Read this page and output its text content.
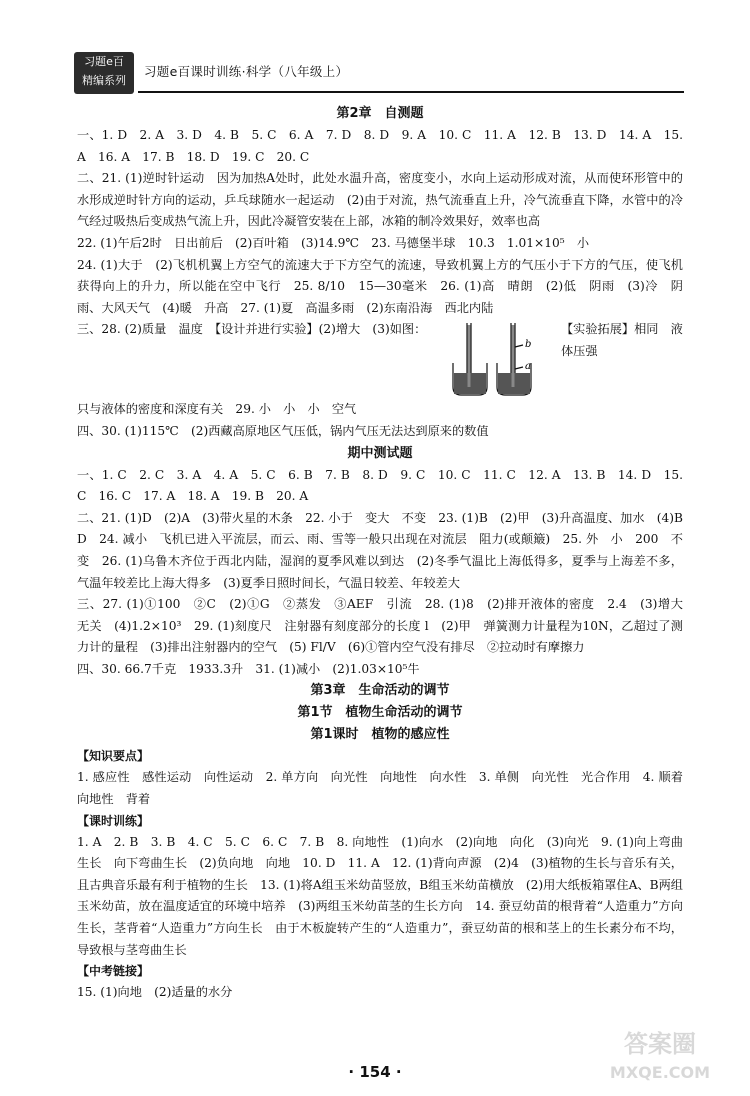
习题e百
精编系列
习题e百课时训练·科学（八年级上）
第2章　自测题

一、1. D　2. A　3. D　4. B　5. C　6. A　7. D　8. D　9. A　10. C　11. A　12. B　13. D　14. A　15. A　16. A　17. B　18. D　19. C　20. C

二、21. (1)逆时针运动　因为加热A处时，此处水温升高，密度变小，水向上运动形成对流，从而使环形管中的水形成逆时针方向的运动，乒乓球随水一起运动　(2)由于对流，热气流垂直上升，冷气流垂直下降，水管中的冷气经过吸热后变成热气流上升，因此冷凝管安装在上部，冰箱的制冷效果好，效率也高

22. (1)午后2时　日出前后　(2)百叶箱　(3)14.9℃　23. 马德堡半球　10.3　1.01×10⁵　小

24. (1)大于　(2)飞机机翼上方空气的流速大于下方空气的流速，导致机翼上方的气压小于下方的气压，使飞机获得向上的升力，所以能在空中飞行　25. 8/10　15—30毫米　26. (1)高　晴朗　(2)低　阴雨　(3)冷　阴雨、大风天气　(4)暖　升高　27. (1)夏　高温多雨　(2)东南沿海　西北内陆

三、28. (2)质量　温度　【设计并进行实验】(2)增大　(3)如图：
b
a
【实验拓展】相同　液体压强

只与液体的密度和深度有关　29. 小　小　小　空气

四、30. (1)115℃　(2)西藏高原地区气压低，锅内气压无法达到原来的数值

期中测试题

一、1. C　2. C　3. A　4. A　5. C　6. B　7. B　8. D　9. C　10. C　11. C　12. A　13. B　14. D　15. C　16. C　17. A　18. A　19. B　20. A

二、21. (1)D　(2)A　(3)带火星的木条　22. 小于　变大　不变　23. (1)B　(2)甲　(3)升高温度、加水　(4)BD　24. 减小　飞机已进入平流层，而云、雨、雪等一般只出现在对流层　阻力(或颠簸)　25. 外　小　200　不变　26. (1)乌鲁木齐位于西北内陆，湿润的夏季风难以到达　(2)冬季气温比上海低得多，夏季与上海差不多，气温年较差比上海大得多　(3)夏季日照时间长，气温日较差、年较差大

三、27. (1)①100　②C　(2)①G　②蒸发　③AEF　引流　28. (1)8　(2)排开液体的密度　2.4　(3)增大　无关　(4)1.2×10³　29. (1)刻度尺　注射器有刻度部分的长度 l　(2)甲　弹簧测力计量程为10N，乙超过了测力计的量程　(3)排出注射器内的空气　(5) Fl/V　(6)①管内空气没有排尽　②拉动时有摩擦力

四、30. 66.7千克　1933.3升　31. (1)减小　(2)1.03×10⁵牛

第3章　生命活动的调节
第1节　植物生命活动的调节
第1课时　植物的感应性
【知识要点】

1. 感应性　感性运动　向性运动　2. 单方向　向光性　向地性　向水性　3. 单侧　向光性　光合作用　4. 顺着　向地性　背着

【课时训练】

1. A　2. B　3. B　4. C　5. C　6. C　7. B　8. 向地性　(1)向水　(2)向地　向化　(3)向光　9. (1)向上弯曲生长　向下弯曲生长　(2)负向地　向地　10. D　11. A　12. (1)背向声源　(2)4　(3)植物的生长与音乐有关，且古典音乐最有利于植物的生长　13. (1)将A组玉米幼苗竖放，B组玉米幼苗横放　(2)用大纸板箱罩住A、B两组玉米幼苗，放在温度适宜的环境中培养　(3)两组玉米幼苗茎的生长方向　14. 蚕豆幼苗的根背着“人造重力”方向生长，茎背着“人造重力”方向生长　由于木板旋转产生的“人造重力”，蚕豆幼苗的根和茎上的生长素分布不均，导致根与茎弯曲生长

【中考链接】

15. (1)向地　(2)适量的水分

· 154 ·
答案圈
MXQE.COM
